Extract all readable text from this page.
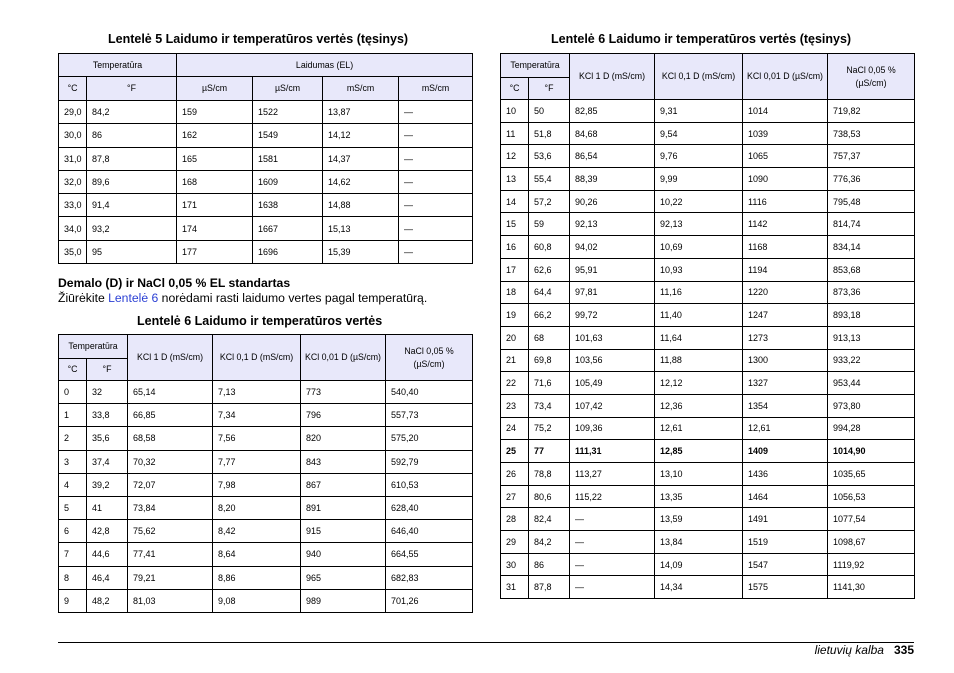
Lentelė 5 Laidumo ir temperatūros vertės (tęsinys)
Temperatūra		Laidumas (EL)			
°C	°F	µS/cm	µS/cm	mS/cm	mS/cm
29,0	84,2	159	1522	13,87	—
30,0	86	162	1549	14,12	—
31,0	87,8	165	1581	14,37	—
32,0	89,6	168	1609	14,62	—
33,0	91,4	171	1638	14,88	—
34,0	93,2	174	1667	15,13	—
35,0	95	177	1696	15,39	—
Demalo (D) ir NaCl 0,05 % EL standartas
Žiūrėkite Lentelė 6 norėdami rasti laidumo vertes pagal temperatūrą.
Lentelė 6 Laidumo ir temperatūros vertės
Temperatūra		KCl 1 D (mS/cm)	KCl 0,1 D (mS/cm)	KCl 0,01 D (µS/cm)	NaCl 0,05 % (µS/cm)
°C	°F				
0	32	65,14	7,13	773	540,40
1	33,8	66,85	7,34	796	557,73
2	35,6	68,58	7,56	820	575,20
3	37,4	70,32	7,77	843	592,79
4	39,2	72,07	7,98	867	610,53
5	41	73,84	8,20	891	628,40
6	42,8	75,62	8,42	915	646,40
7	44,6	77,41	8,64	940	664,55
8	46,4	79,21	8,86	965	682,83
9	48,2	81,03	9,08	989	701,26
Lentelė 6 Laidumo ir temperatūros vertės (tęsinys)
Temperatūra		KCl 1 D (mS/cm)	KCl 0,1 D (mS/cm)	KCl 0,01 D (µS/cm)	NaCl 0,05 % (µS/cm)
°C	°F				
10	50	82,85	9,31	1014	719,82
11	51,8	84,68	9,54	1039	738,53
12	53,6	86,54	9,76	1065	757,37
13	55,4	88,39	9,99	1090	776,36
14	57,2	90,26	10,22	1116	795,48
15	59	92,13	92,13	1142	814,74
16	60,8	94,02	10,69	1168	834,14
17	62,6	95,91	10,93	1194	853,68
18	64,4	97,81	11,16	1220	873,36
19	66,2	99,72	11,40	1247	893,18
20	68	101,63	11,64	1273	913,13
21	69,8	103,56	11,88	1300	933,22
22	71,6	105,49	12,12	1327	953,44
23	73,4	107,42	12,36	1354	973,80
24	75,2	109,36	12,61	12,61	994,28
25	77	111,31	12,85	1409	1014,90
26	78,8	113,27	13,10	1436	1035,65
27	80,6	115,22	13,35	1464	1056,53
28	82,4	—	13,59	1491	1077,54
29	84,2	—	13,84	1519	1098,67
30	86	—	14,09	1547	1119,92
31	87,8	—	14,34	1575	1141,30
lietuvių kalba 335
